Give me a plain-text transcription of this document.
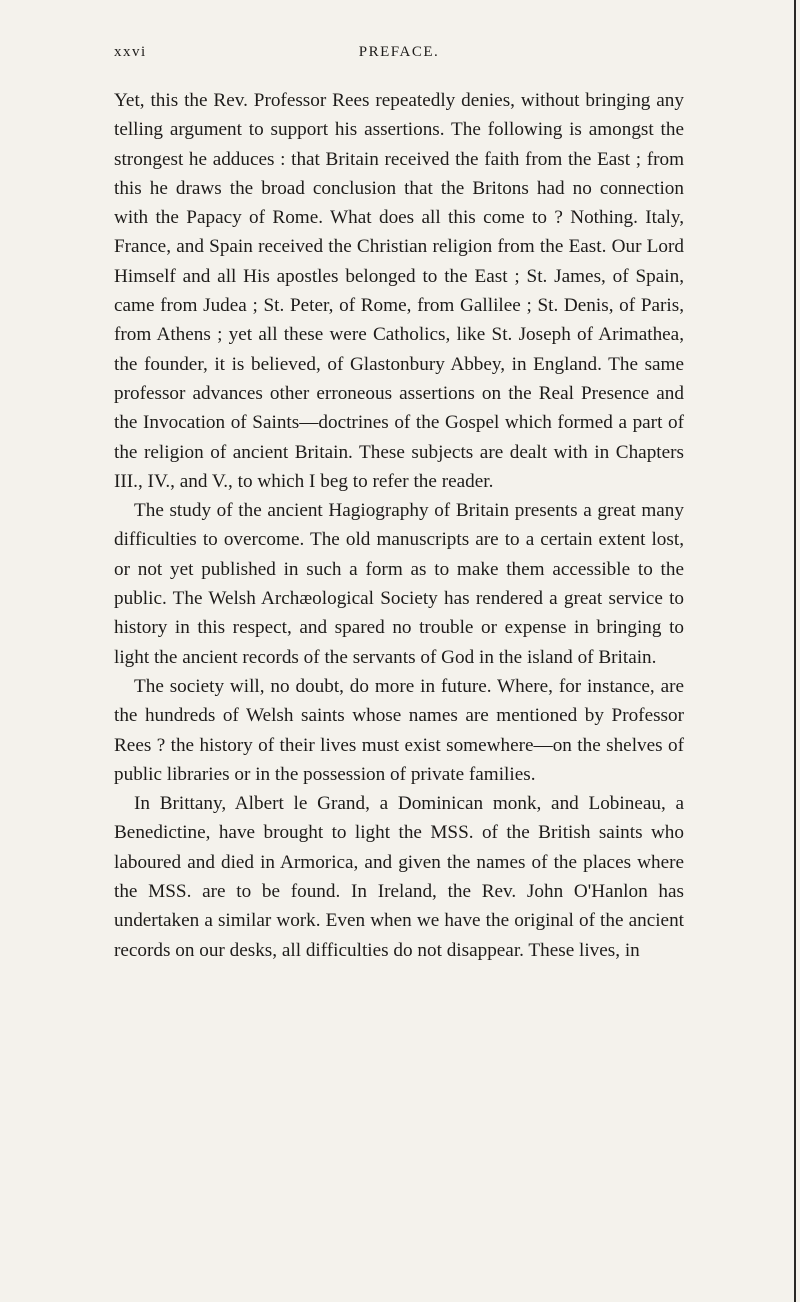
xxvi	PREFACE.

Yet, this the Rev. Professor Rees repeatedly denies, without bringing any telling argument to support his assertions. The following is amongst the strongest he adduces : that Britain received the faith from the East ; from this he draws the broad conclusion that the Britons had no connection with the Papacy of Rome. What does all this come to ? Nothing. Italy, France, and Spain received the Christian religion from the East. Our Lord Himself and all His apostles belonged to the East ; St. James, of Spain, came from Judea ; St. Peter, of Rome, from Gallilee ; St. Denis, of Paris, from Athens ; yet all these were Catholics, like St. Joseph of Arimathea, the founder, it is believed, of Glastonbury Abbey, in England. The same professor advances other erroneous assertions on the Real Presence and the Invocation of Saints—doctrines of the Gospel which formed a part of the religion of ancient Britain. These subjects are dealt with in Chapters III., IV., and V., to which I beg to refer the reader.

The study of the ancient Hagiography of Britain presents a great many difficulties to overcome. The old manuscripts are to a certain extent lost, or not yet published in such a form as to make them accessible to the public. The Welsh Archæological Society has rendered a great service to history in this respect, and spared no trouble or expense in bringing to light the ancient records of the servants of God in the island of Britain.

The society will, no doubt, do more in future. Where, for instance, are the hundreds of Welsh saints whose names are mentioned by Professor Rees ? the history of their lives must exist somewhere—on the shelves of public libraries or in the possession of private families.

In Brittany, Albert le Grand, a Dominican monk, and Lobineau, a Benedictine, have brought to light the MSS. of the British saints who laboured and died in Armorica, and given the names of the places where the MSS. are to be found. In Ireland, the Rev. John O'Hanlon has undertaken a similar work. Even when we have the original of the ancient records on our desks, all difficulties do not disappear. These lives, in
